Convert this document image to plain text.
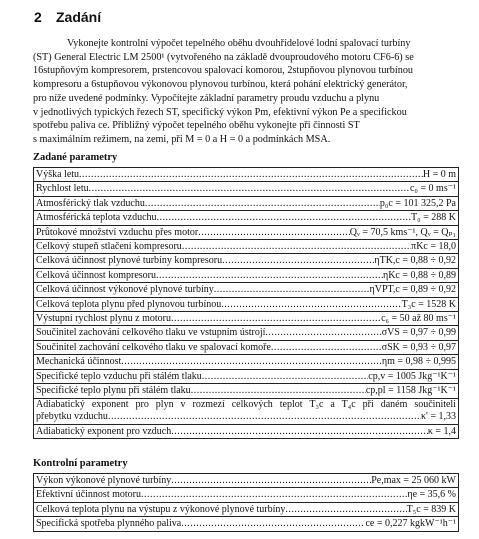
2 Zadání
Vykonejte kontrolní výpočet tepelného oběhu dvouhřídelové lodní spalovací turbíny
(ST) General Electric LM 2500¹ (vytvořeného na základě dvouproudového motoru CF6-6) se
16stupňovým kompresorem, prstencovou spalovací komorou, 2stupňovou plynovou turbínou
kompresoru a 6stupňovou výkonovou plynovou turbínou, která pohání elektrický generátor,
pro níže uvedené podmínky. Vypočítejte základní parametry proudu vzduchu a plynu
v jednotlivých typických řezech ST, specifický výkon Pm, efektivní výkon Pe a specifickou
spotřebu paliva ce. Přibližný výpočet tepelného oběhu vykonejte při činnosti ST
s maximálním režimem, na zemi, při M = 0 a H = 0 a podmínkách MSA.
Zadané parametry
Výška letu .....	H = 0 m

Rychlost letu .....	c₀ = 0 ms⁻¹

Atmosférický tlak vzduchu .....	p₀c = 101 325,2 Pa

Atmosférická teplota vzduchu .....	T₀ = 288 K

Průtokové množství vzduchu přes motor .....	Qᵥ = 70,5 kms⁻¹, Qᵥ = Qₚ₁

Celkový stupeň stlačení kompresoru .....	πKc = 18,0

Celková účinnost plynové turbíny kompresoru .....	ηTK,c = 0,88 ÷ 0,92

Celková účinnost kompresoru .....	ηKc = 0,88 ÷ 0,89

Celková účinnost výkonové plynové turbíny .....	ηVPT,c = 0,89 ÷ 0,92

Celková teplota plynu před plynovou turbínou .....	T₃c = 1528 K

Výstupní rychlost plynu z motoru .....	c₆ = 50 až 80 ms⁻¹

Součinitel zachování celkového tlaku ve vstupním ústrojí .....	σVS = 0,97 ÷ 0,99

Součinitel zachování celkového tlaku ve spalovací komoře .....	σSK = 0,93 ÷ 0,97

Mechanická účinnost .....	ηm = 0,98 ÷ 0,995

Specifické teplo vzduchu při stálém tlaku .....	cp,v = 1005 Jkg⁻¹K⁻¹

Specifické teplo plynu při stálém tlaku .....	cp,pl = 1158 Jkg⁻¹K⁻¹

Adiabatický exponent pro plyn v rozmezí celkových teplot T₃c a T₄c při daném součiniteli
přebytku vzduchu .....	κ' = 1,33

Adiabatický exponent pro vzduch .....	κ = 1,4
Kontrolní parametry
Výkon výkonové plynové turbíny .....	Pe,max = 25 060 kW

Efektivní účinnost motoru .....	ηe = 35,6 %

Celková teplota plynu na výstupu z výkonové plynové turbíny .....	T₅c = 839 K

Specifická spotřeba plynného paliva .....	ce = 0,227 kgkW⁻¹h⁻¹
